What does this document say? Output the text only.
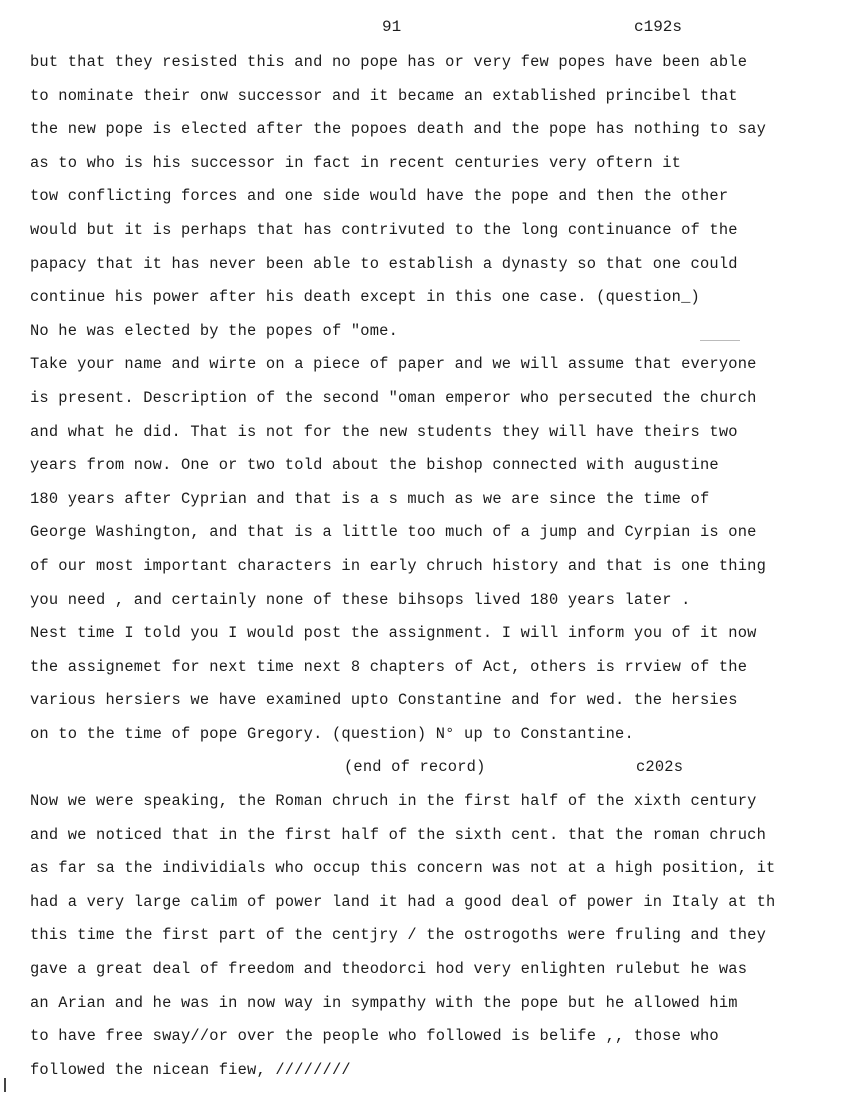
91	c192s
but that they resisted this and no pope has or very few popes have been able
to nominate their onw successor and it became an extablished princibel that
the new pope is elected after the popoes death and the pope has nothing to say
as to who is his successor in fact in recent centuries very oftern it
tow conflicting forces and one side would have the pope and then the other
would but it is perhaps that has contrivuted to the long continuance of the
papacy that it has never been able to establish a dynasty so that one could
continue his power after his death except in this one case. (question_)
No he was elected by the popes of "ome.
Take your name and wirte on a piece of paper and we will assume that everyone
is present. Description of the second "oman emperor who persecuted the church
and what he did. That is not for the new students they will have theirs two
years from now. One or two told about the bishop connected with augustine
180 years after Cyprian and that is a s much as we are since the time of
George Washington, and that is a little too much of a jump and Cyrpian is one
of our most important characters in early chruch history and that is one thing
you need , and certainly none of these bihsops lived 180 years later .
Nest time I told you I would post the assignment. I will inform you of it now
the assignemet for next time next 8 chapters of Act, others is rrview of the
various hersiers we have examined upto Constantine and for wed. the hersies
on to the time of pope Gregory. (question) N° up to Constantine.
(end of record)	c202s
Now we were speaking, the Roman chruch in the first half of the xixth century
and we noticed that in the first half of the sixth cent. that the roman chruch
as far sa the individials who occup this concern was not at a high position, it
had a very large calim of power land it had a good deal of power in Italy at th
this time the first part of the centjry / the ostrogoths were fruling and they
gave a great deal of freedom and theodorci hod very enlighten rulebut he was
an Arian and he was in now way in sympathy with the pope but he allowed him
to have free sway//or over the people who followed is belife ,, those who
followed the nicean fiew, ////////
